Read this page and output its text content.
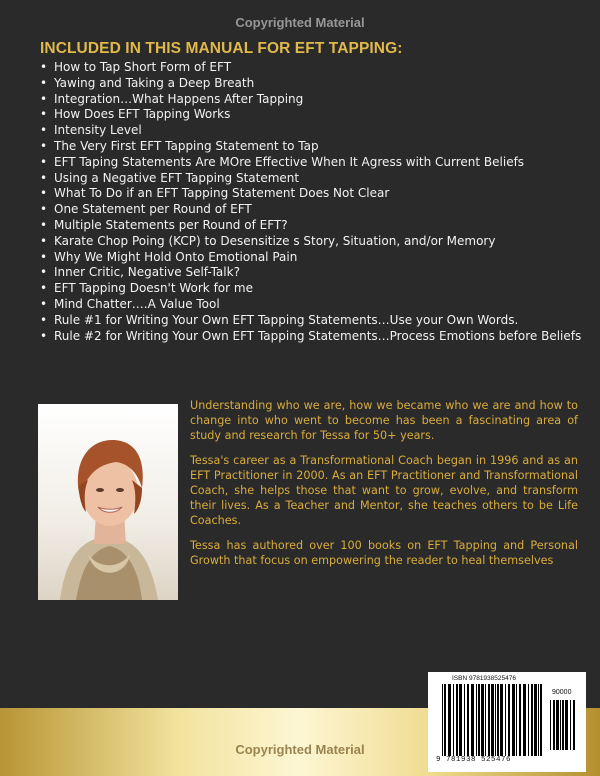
Copyrighted Material
INCLUDED IN THIS MANUAL FOR EFT TAPPING:
• How to Tap Short Form of EFT
• Yawing and Taking a Deep Breath
• Integration…What Happens After Tapping
• How Does EFT Tapping Works
• Intensity Level
• The Very First EFT Tapping Statement to Tap
• EFT Taping Statements Are MOre Effective When It Agress with Current Beliefs
• Using a Negative EFT Tapping Statement
• What To Do if an EFT Tapping Statement Does Not Clear
• One Statement per Round of EFT
• Multiple Statements per Round of EFT?
• Karate Chop Poing (KCP) to Desensitize s Story, Situation, and/or Memory
• Why We Might Hold Onto Emotional Pain
• Inner Critic, Negative Self-Talk?
• EFT Tapping Doesn't Work for me
• Mind Chatter….A Value Tool
• Rule #1 for Writing Your Own EFT Tapping Statements…Use your Own Words.
• Rule #2 for Writing Your Own EFT Tapping Statements…Process Emotions before Beliefs

Understanding who we are, how we became who we are and how to change into who went to become has been a fascinating area of study and research for Tessa for 50+ years.

Tessa's career as a Transformational Coach began in 1996 and as an EFT Practitioner in 2000. As an EFT Practitioner and Transformational Coach, she helps those that want to grow, evolve, and transform their lives. As a Teacher and Mentor, she teaches others to be Life Coaches.

Tessa has authored over 100 books on EFT Tapping and Personal Growth that focus on empowering the reader to heal themselves

Copyrighted Material
ISBN 9781938525476
90000
9 781938 525476
